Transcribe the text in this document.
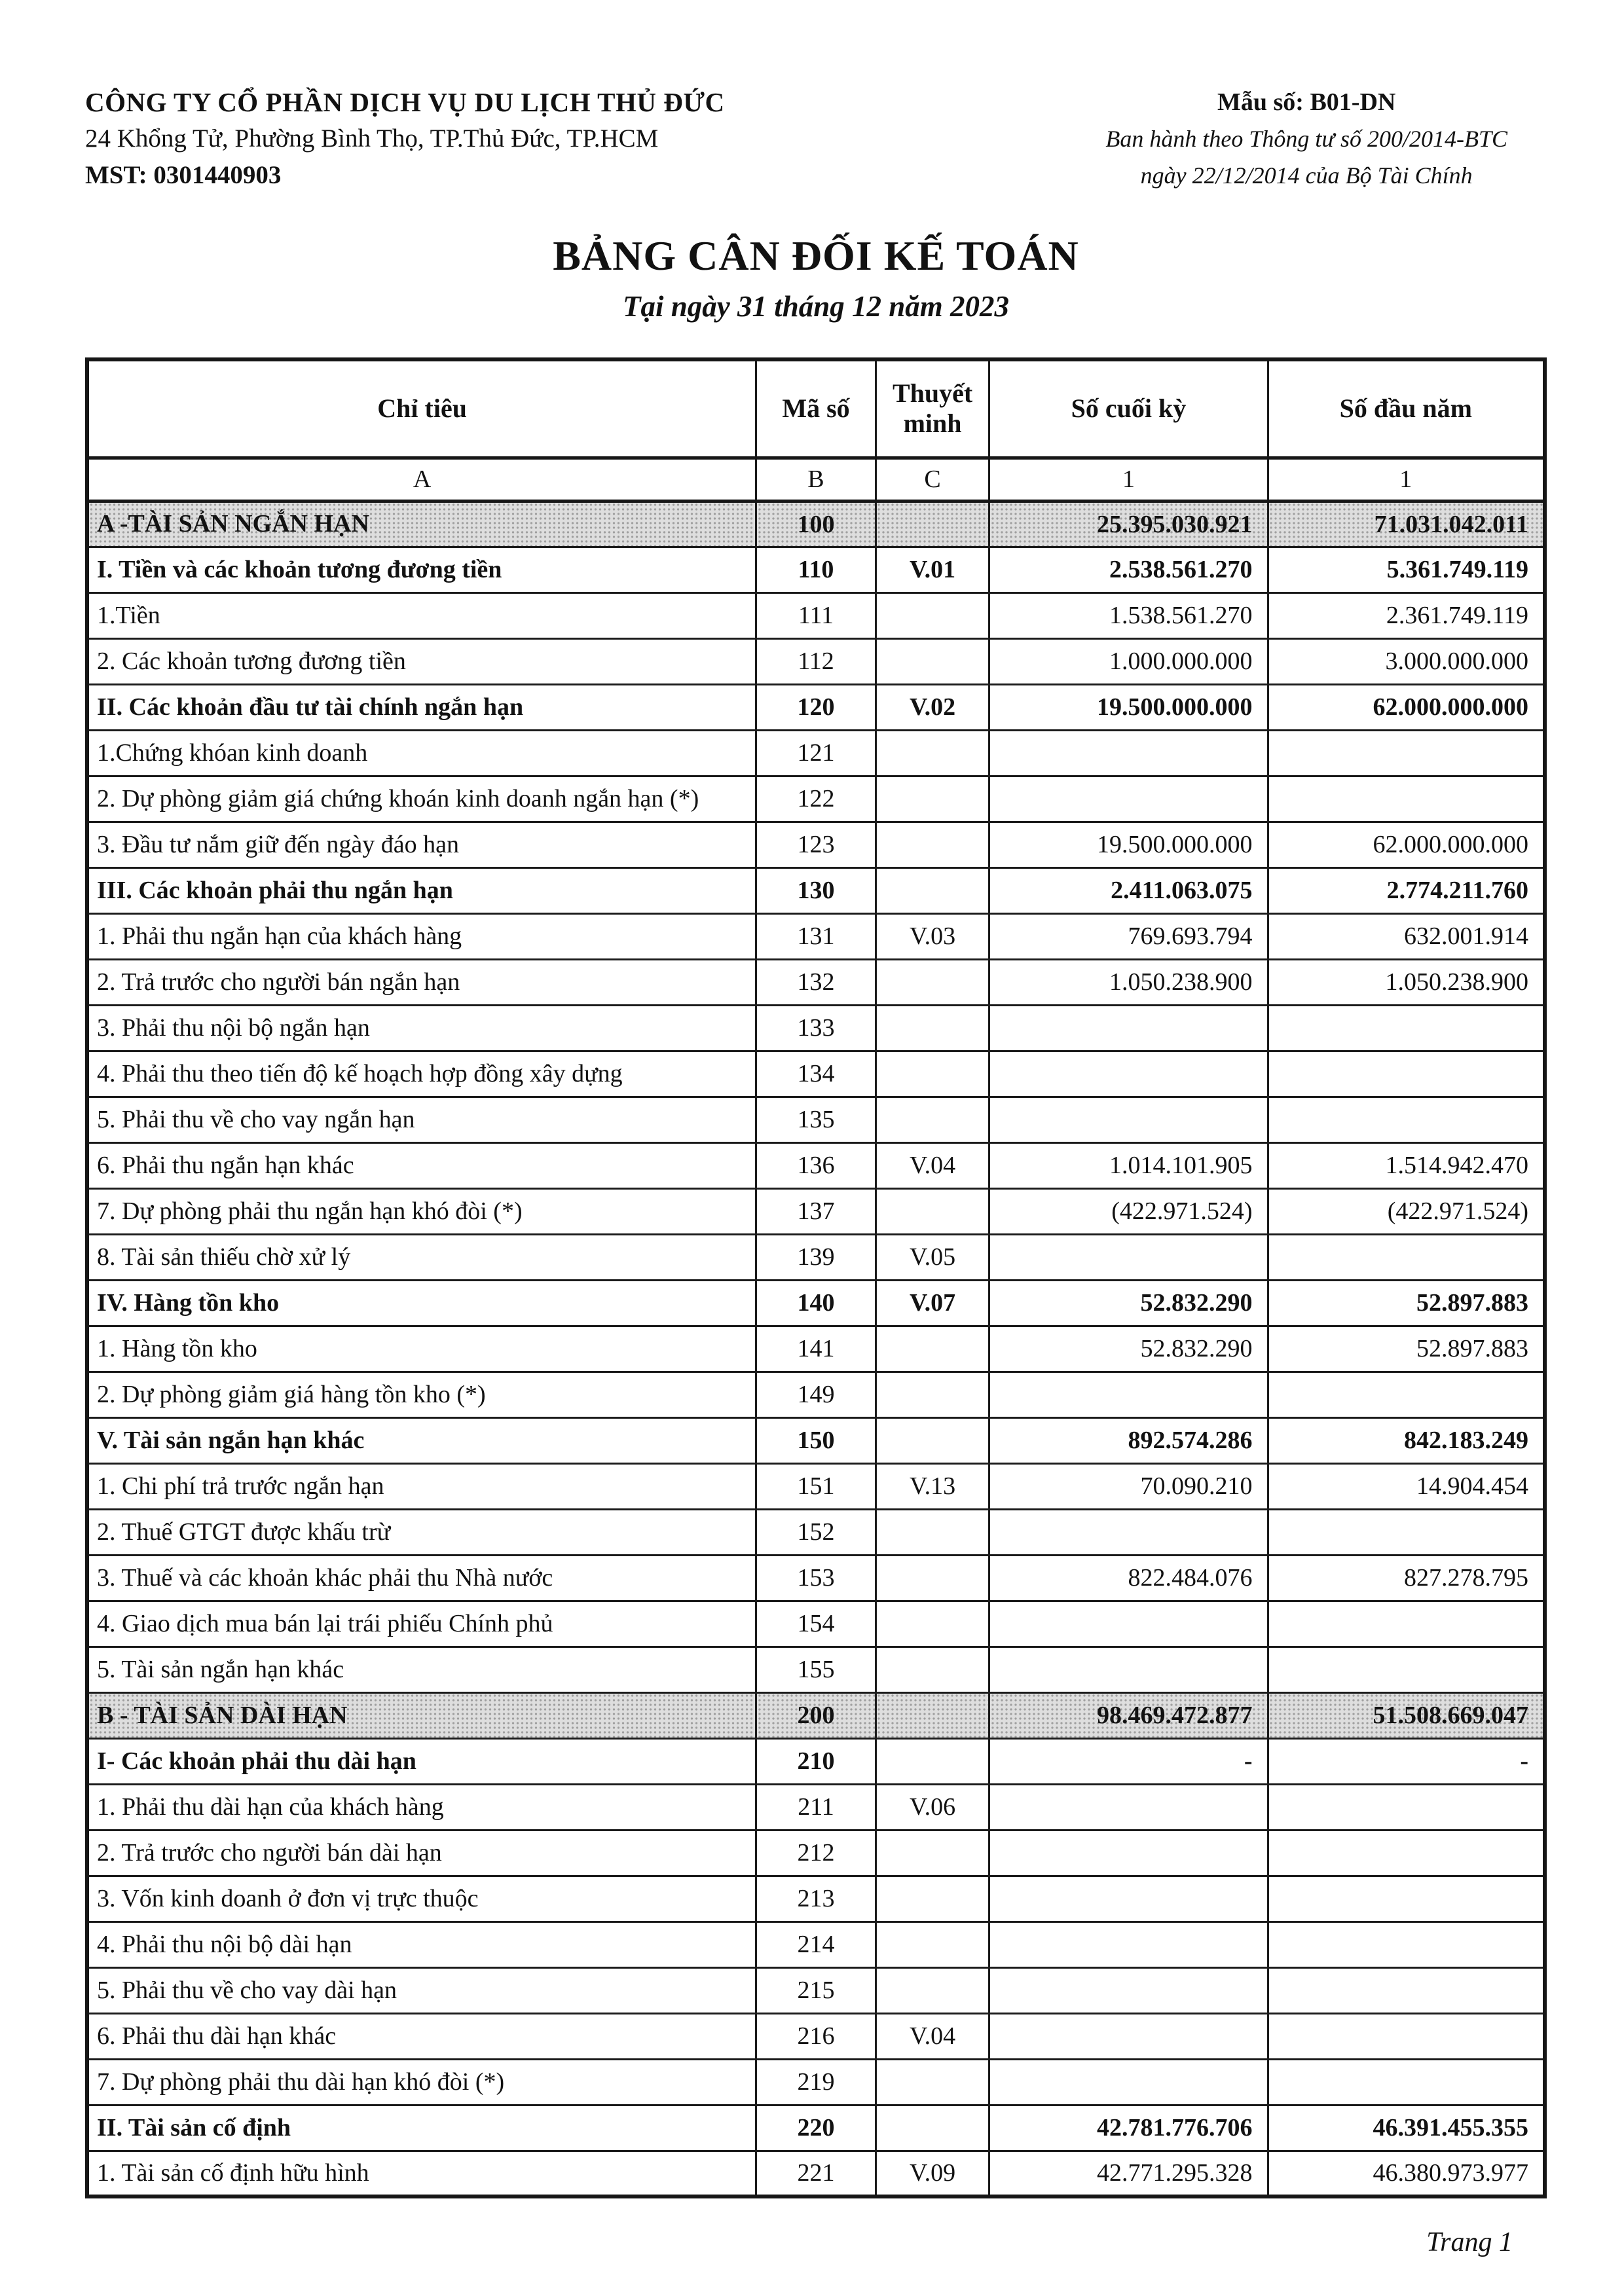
CÔNG TY CỔ PHẦN DỊCH VỤ DU LỊCH THỦ ĐỨC
24 Khổng Tử, Phường Bình Thọ, TP.Thủ Đức, TP.HCM
MST: 0301440903
Mẫu số: B01-DN
Ban hành theo Thông tư số 200/2014-BTC
ngày 22/12/2014 của Bộ Tài Chính
BẢNG CÂN ĐỐI KẾ TOÁN
Tại ngày 31 tháng 12 năm 2023
Chỉ tiêu	Mã số	Thuyết minh	Số cuối kỳ	Số đầu năm
A	B	C	1	1
A -TÀI SẢN NGẮN HẠN	100		25.395.030.921	71.031.042.011
I. Tiền và các khoản tương đương tiền	110	V.01	2.538.561.270	5.361.749.119
1.Tiền	111		1.538.561.270	2.361.749.119
2. Các khoản tương đương tiền	112		1.000.000.000	3.000.000.000
II. Các khoản đầu tư tài chính ngắn hạn	120	V.02	19.500.000.000	62.000.000.000
1.Chứng khóan kinh doanh	121			
2. Dự phòng giảm giá chứng khoán kinh doanh ngắn hạn (*)	122			
3. Đầu tư nắm giữ đến ngày đáo hạn	123		19.500.000.000	62.000.000.000
III. Các khoản phải thu ngắn hạn	130		2.411.063.075	2.774.211.760
1. Phải thu ngắn hạn của khách hàng	131	V.03	769.693.794	632.001.914
2. Trả trước cho người bán ngắn hạn	132		1.050.238.900	1.050.238.900
3. Phải thu nội bộ ngắn hạn	133			
4. Phải thu theo tiến độ kế hoạch hợp đồng xây dựng	134			
5. Phải thu về cho vay ngắn hạn	135			
6. Phải thu ngắn hạn khác	136	V.04	1.014.101.905	1.514.942.470
7. Dự phòng phải thu ngắn hạn khó đòi (*)	137		(422.971.524)	(422.971.524)
8. Tài sản thiếu chờ xử lý	139	V.05		
IV. Hàng tồn kho	140	V.07	52.832.290	52.897.883
1. Hàng tồn kho	141		52.832.290	52.897.883
2. Dự phòng giảm giá hàng tồn kho (*)	149			
V. Tài sản ngắn hạn khác	150		892.574.286	842.183.249
1. Chi phí trả trước ngắn hạn	151	V.13	70.090.210	14.904.454
2. Thuế GTGT được khấu trừ	152			
3. Thuế và các khoản khác phải thu Nhà nước	153		822.484.076	827.278.795
4. Giao dịch mua bán lại trái phiếu Chính phủ	154			
5. Tài sản ngắn hạn khác	155			
B - TÀI SẢN DÀI HẠN	200		98.469.472.877	51.508.669.047
I- Các khoản phải thu dài hạn	210		-	-
1. Phải thu dài hạn của khách hàng	211	V.06		
2. Trả trước cho người bán dài hạn	212			
3. Vốn kinh doanh ở đơn vị trực thuộc	213			
4. Phải thu nội bộ dài hạn	214			
5. Phải thu về cho vay dài hạn	215			
6. Phải thu dài hạn khác	216	V.04		
7. Dự phòng phải thu dài hạn khó đòi (*)	219			
II. Tài sản cố định	220		42.781.776.706	46.391.455.355
1. Tài sản cố định hữu hình	221	V.09	42.771.295.328	46.380.973.977
Trang 1
